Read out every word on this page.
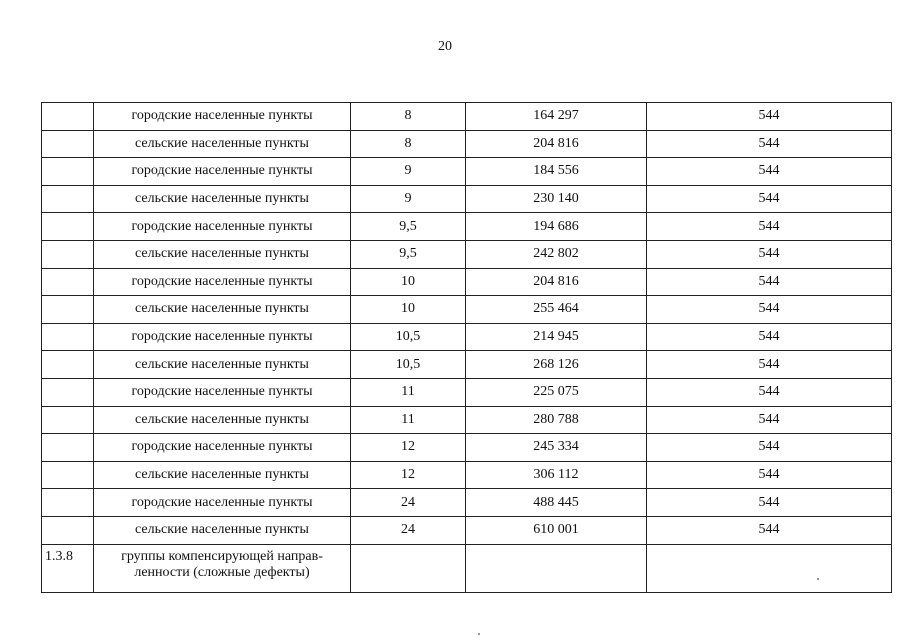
20
	городские населенные пункты	8	164 297	544
	сельские населенные пункты	8	204 816	544
	городские населенные пункты	9	184 556	544
	сельские населенные пункты	9	230 140	544
	городские населенные пункты	9,5	194 686	544
	сельские населенные пункты	9,5	242 802	544
	городские населенные пункты	10	204 816	544
	сельские населенные пункты	10	255 464	544
	городские населенные пункты	10,5	214 945	544
	сельские населенные пункты	10,5	268 126	544
	городские населенные пункты	11	225 075	544
	сельские населенные пункты	11	280 788	544
	городские населенные пункты	12	245 334	544
	сельские населенные пункты	12	306 112	544
	городские населенные пункты	24	488 445	544
	сельские населенные пункты	24	610 001	544
1.3.8	группы компенсирующей направ-ленности (сложные дефекты)			
